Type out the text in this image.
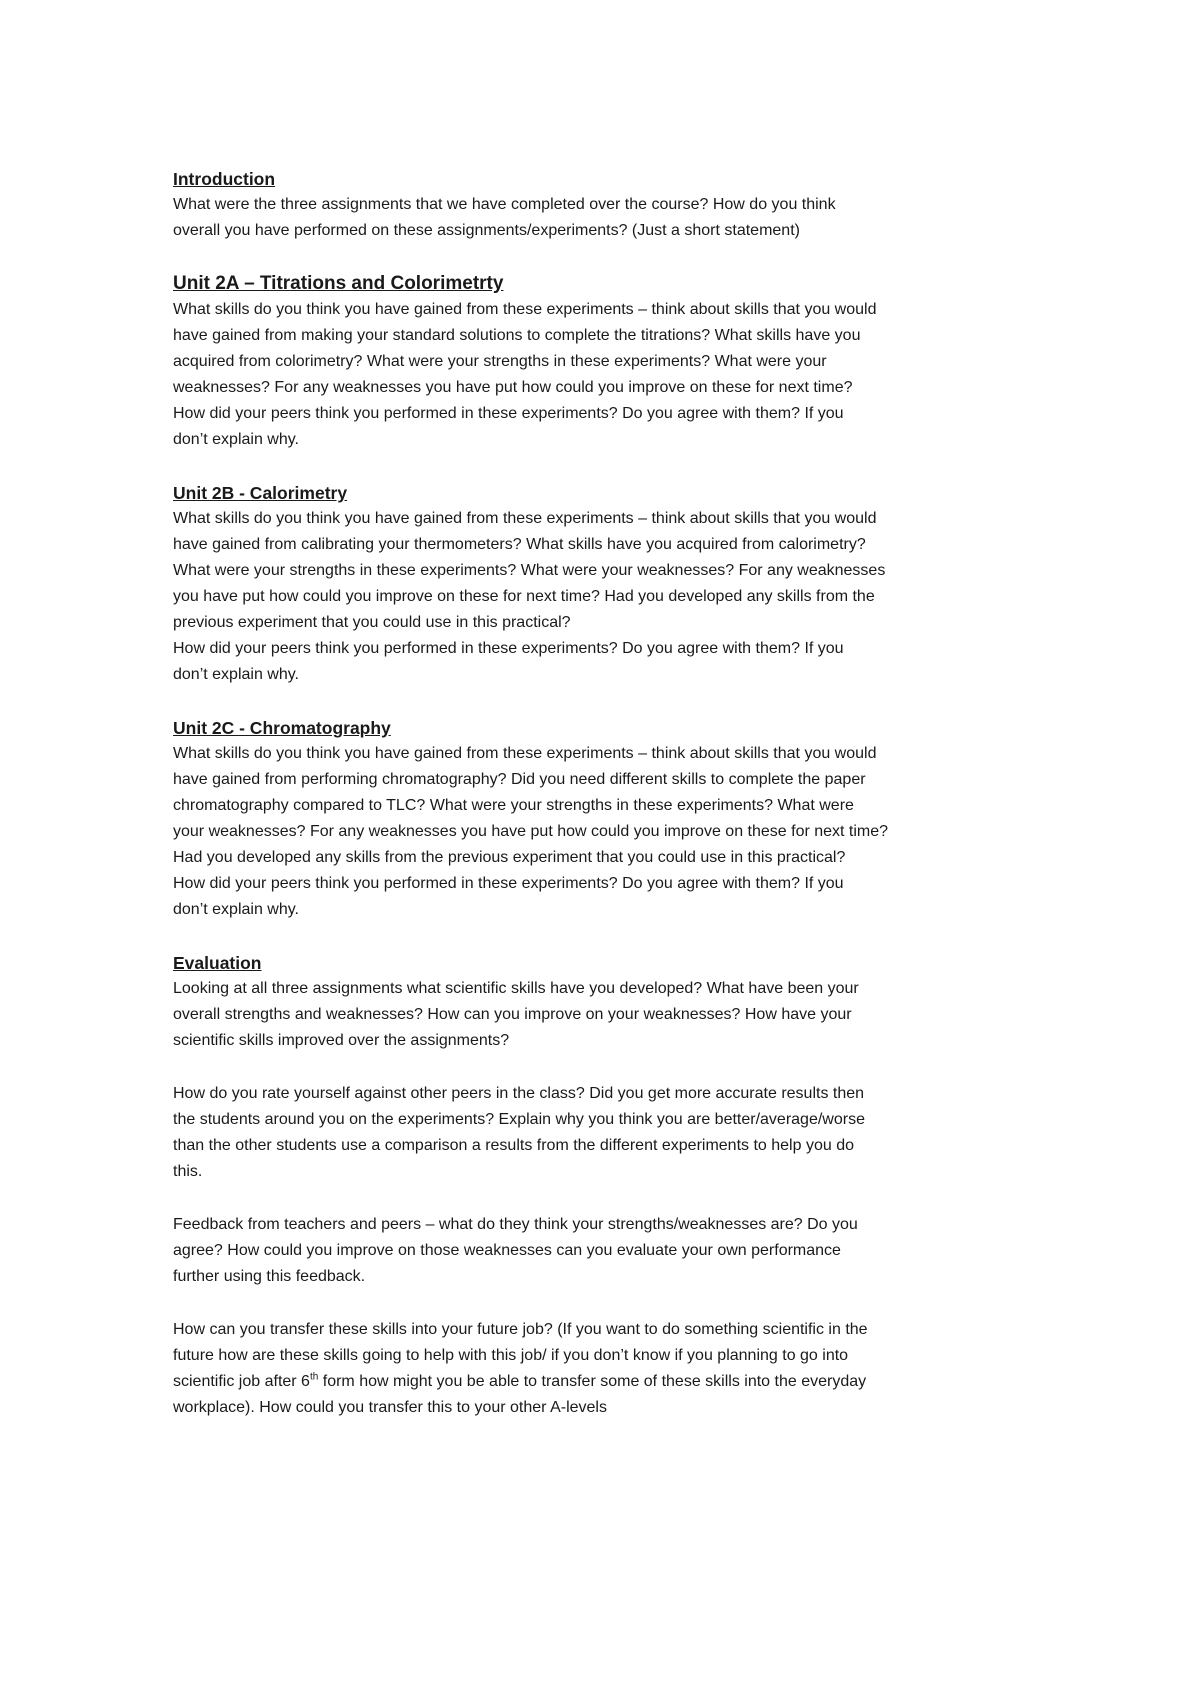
Introduction

What were the three assignments that we have completed over the course? How do you think
overall you have performed on these assignments/experiments? (Just a short statement)

Unit 2A – Titrations and Colorimetrty

What skills do you think you have gained from these experiments – think about skills that you would
have gained from making your standard solutions to complete the titrations? What skills have you
acquired from colorimetry? What were your strengths in these experiments? What were your
weaknesses? For any weaknesses you have put how could you improve on these for next time?
How did your peers think you performed in these experiments? Do you agree with them? If you
don’t explain why.

Unit 2B - Calorimetry

What skills do you think you have gained from these experiments – think about skills that you would
have gained from calibrating your thermometers? What skills have you acquired from calorimetry?
What were your strengths in these experiments? What were your weaknesses? For any weaknesses
you have put how could you improve on these for next time? Had you developed any skills from the
previous experiment that you could use in this practical?
How did your peers think you performed in these experiments? Do you agree with them? If you
don’t explain why.

Unit 2C - Chromatography

What skills do you think you have gained from these experiments – think about skills that you would
have gained from performing chromatography? Did you need different skills to complete the paper
chromatography compared to TLC? What were your strengths in these experiments? What were
your weaknesses? For any weaknesses you have put how could you improve on these for next time?
Had you developed any skills from the previous experiment that you could use in this practical?
How did your peers think you performed in these experiments? Do you agree with them? If you
don’t explain why.

Evaluation

Looking at all three assignments what scientific skills have you developed? What have been your
overall strengths and weaknesses? How can you improve on your weaknesses? How have your
scientific skills improved over the assignments?

How do you rate yourself against other peers in the class? Did you get more accurate results then
the students around you on the experiments? Explain why you think you are better/average/worse
than the other students use a comparison a results from the different experiments to help you do
this.

Feedback from teachers and peers – what do they think your strengths/weaknesses are? Do you
agree? How could you improve on those weaknesses can you evaluate your own performance
further using this feedback.

How can you transfer these skills into your future job? (If you want to do something scientific in the
future how are these skills going to help with this job/ if you don’t know if you planning to go into
scientific job after 6th form how might you be able to transfer some of these skills into the everyday
workplace). How could you transfer this to your other A-levels
